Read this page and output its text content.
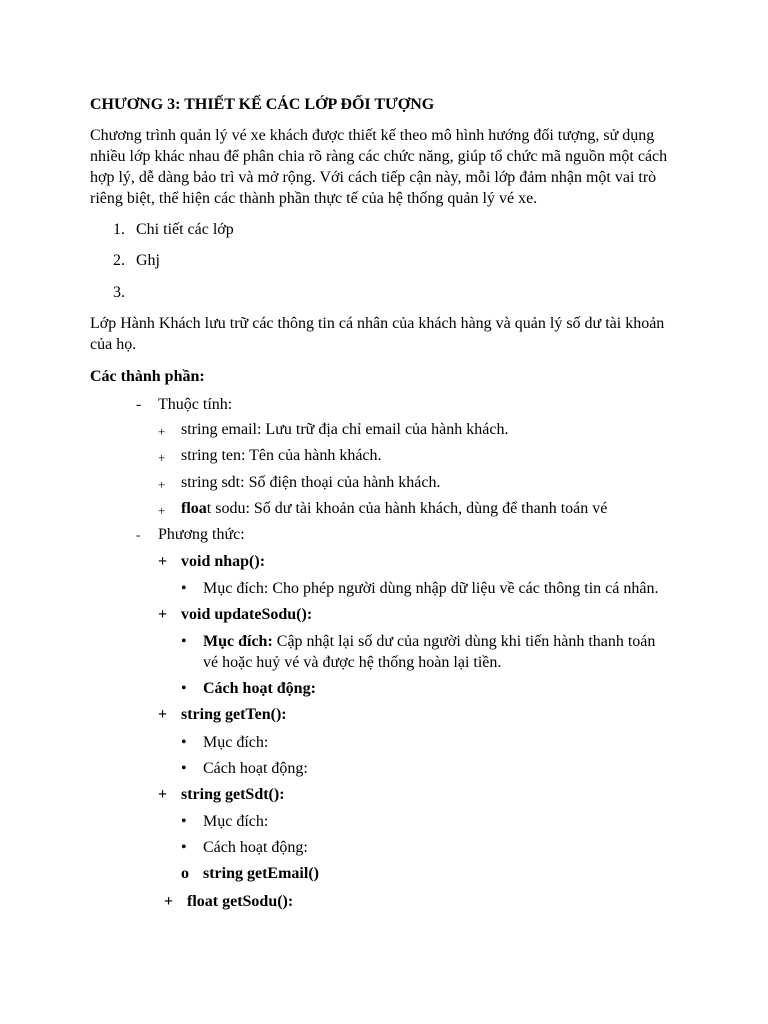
CHƯƠNG 3: THIẾT KẾ CÁC LỚP ĐỐI TƯỢNG
Chương trình quản lý vé xe khách được thiết kế theo mô hình hướng đối tượng, sử dụng nhiều lớp khác nhau để phân chia rõ ràng các chức năng, giúp tổ chức mã nguồn một cách hợp lý, dễ dàng bảo trì và mở rộng. Với cách tiếp cận này, mỗi lớp đảm nhận một vai trò riêng biệt, thể hiện các thành phần thực tế của hệ thống quản lý vé xe.
1. Chi tiết các lớp
2. Ghj
3.
Lớp Hành Khách lưu trữ các thông tin cá nhân của khách hàng và quản lý số dư tài khoản của họ.
Các thành phần:
- Thuộc tính:
+ string email: Lưu trữ địa chỉ email của hành khách.
+ string ten: Tên của hành khách.
+ string sdt: Số điện thoại của hành khách.
+ float sodu: Số dư tài khoản của hành khách, dùng để thanh toán vé
- Phương thức:
+ void nhap():
• Mục đích: Cho phép người dùng nhập dữ liệu về các thông tin cá nhân.
+ void updateSodu():
• Mục đích: Cập nhật lại số dư của người dùng khi tiến hành thanh toán
vé hoặc huỷ vé và được hệ thống hoàn lại tiền.
• Cách hoạt động:
+ string getTen():
• Mục đích:
• Cách hoạt động:
+ string getSdt():
• Mục đích:
• Cách hoạt động:
o string getEmail()
+ float getSodu():
